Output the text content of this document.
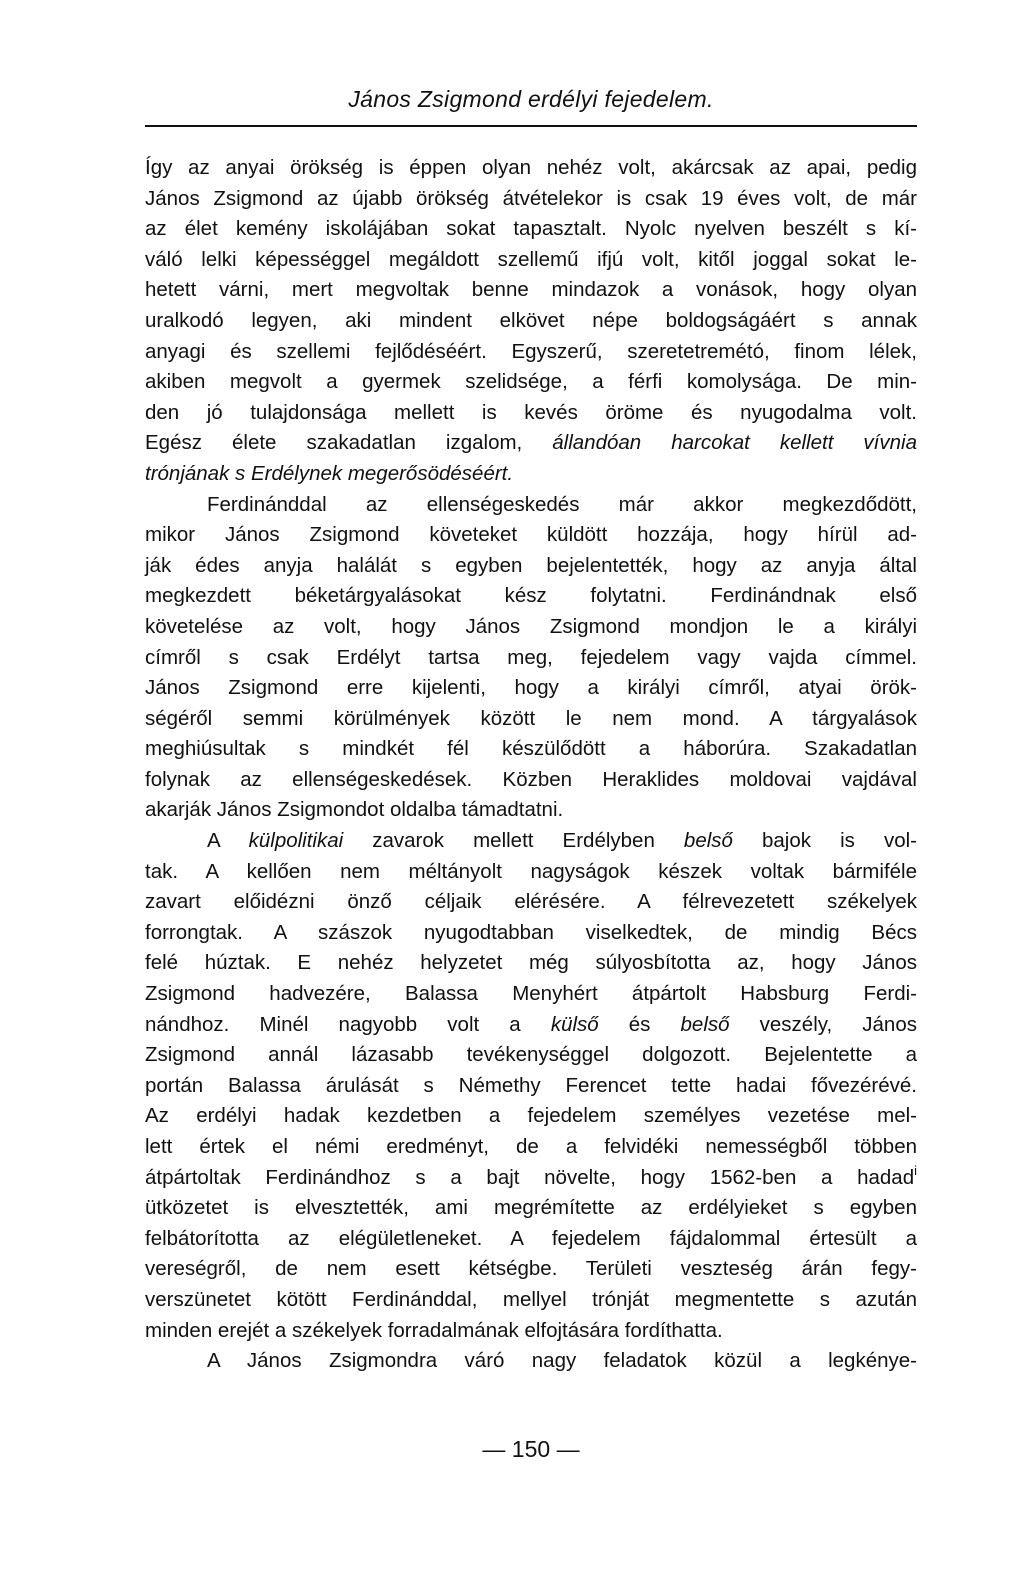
János Zsigmond erdélyi fejedelem.
Így az anyai örökség is éppen olyan nehéz volt, akárcsak az apai, pedig
János Zsigmond az újabb örökség átvételekor is csak 19 éves volt, de már
az élet kemény iskolájában sokat tapasztalt. Nyolc nyelven beszélt s kí-
váló lelki képességgel megáldott szellemű ifjú volt, kitől joggal sokat le-
hetett várni, mert megvoltak benne mindazok a vonások, hogy olyan
uralkodó legyen, aki mindent elkövet népe boldogságáért s annak
anyagi és szellemi fejlődéséért. Egyszerű, szeretetremétó, finom lélek,
akiben megvolt a gyermek szelidsége, a férfi komolysága. De min-
den jó tulajdonsága mellett is kevés öröme és nyugodalma volt.
Egész élete szakadatlan izgalom, állandóan harcokat kellett vívnia
trónjának s Erdélynek megerősödéséért.
Ferdinánddal az ellenségeskedés már akkor megkezdődött,
mikor János Zsigmond követeket küldött hozzája, hogy hírül ad-
ják édes anyja halálát s egyben bejelentették, hogy az anyja által
megkezdett béketárgyalásokat kész folytatni. Ferdinándnak első
követelése az volt, hogy János Zsigmond mondjon le a királyi
címről s csak Erdélyt tartsa meg, fejedelem vagy vajda címmel.
János Zsigmond erre kijelenti, hogy a királyi címről, atyai örök-
ségéről semmi körülmények között le nem mond. A tárgyalások
meghiúsultak s mindkét fél készülődött a háborúra. Szakadatlan
folynak az ellenségeskedések. Közben Heraklides moldovai vajdával
akarják János Zsigmondot oldalba támadtatni.
A külpolitikai zavarok mellett Erdélyben belső bajok is vol-
tak. A kellően nem méltányolt nagyságok készek voltak bármiféle
zavart előidézni önző céljaik elérésére. A félrevezetett székelyek
forrongtak. A szászok nyugodtabban viselkedtek, de mindig Bécs
felé húztak. E nehéz helyzetet még súlyosbította az, hogy János
Zsigmond hadvezére, Balassa Menyhért átpártolt Habsburg Ferdi-
nándhoz. Minél nagyobb volt a külső és belső veszély, János
Zsigmond annál lázasabb tevékenységgel dolgozott. Bejelentette a
portán Balassa árulását s Némethy Ferencet tette hadai fővezérévé.
Az erdélyi hadak kezdetben a fejedelem személyes vezetése mel-
lett értek el némi eredményt, de a felvidéki nemességből többen
átpártoltak Ferdinándhoz s a bajt növelte, hogy 1562-ben a hadad$^i$
ütközetet is elvesztették, ami megrémítette az erdélyieket s egyben
felbátorította az elégületleneket. A fejedelem fájdalommal értesült a
vereségről, de nem esett kétségbe. Területi veszteség árán fegy-
verszünetet kötött Ferdinánddal, mellyel trónját megmentette s azután
minden erejét a székelyek forradalmának elfojtására fordíthatta.
A János Zsigmondra váró nagy feladatok közül a legkénye-
— 150 —
